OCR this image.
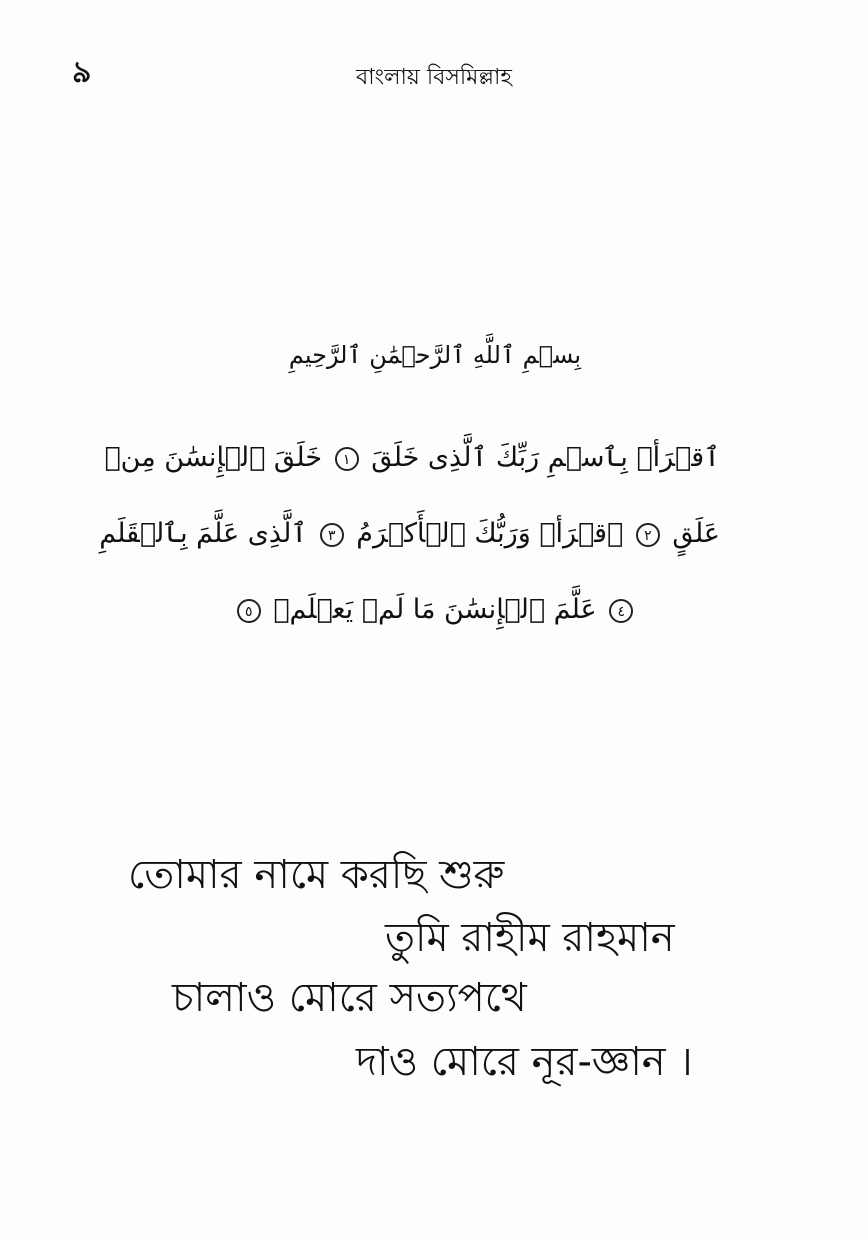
৯	বাংলায় বিসমিল্লাহ
بِسۡمِ ٱللَّهِ ٱلرَّحۡمَٰنِ ٱلرَّحِيمِ
ٱقۡرَأۡ بِٱسۡمِ رَبِّكَ ٱلَّذِى خَلَقَ ١ خَلَقَ ٱلۡإِنسَٰنَ مِنۡ
عَلَقٍ ٢ ٱقۡرَأۡ وَرَبُّكَ ٱلۡأَكۡرَمُ ٣ ٱلَّذِى عَلَّمَ بِٱلۡقَلَمِ
٤ عَلَّمَ ٱلۡإِنسَٰنَ مَا لَمۡ يَعۡلَمۡ ٥
তোমার নামে করছি শুরু
তুমি রাহীম রাহমান
চালাও মোরে সত্যপথে
দাও মোরে নূর-জ্ঞান ।
